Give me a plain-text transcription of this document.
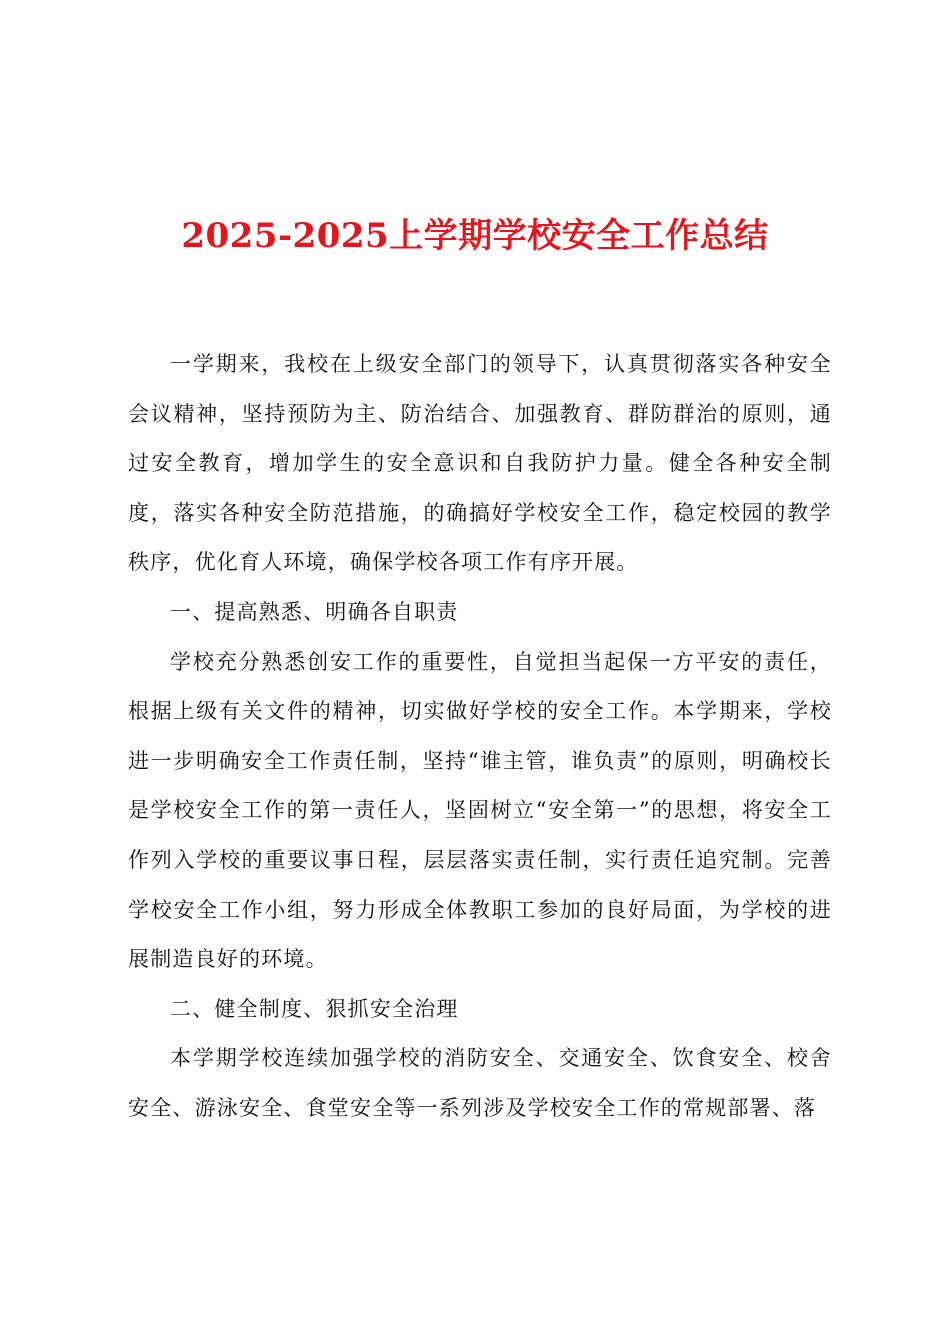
2025-2025上学期学校安全工作总结

一学期来，我校在上级安全部门的领导下，认真贯彻落实各种安全会议精神，坚持预防为主、防治结合、加强教育、群防群治的原则，通过安全教育，增加学生的安全意识和自我防护力量。健全各种安全制度，落实各种安全防范措施，的确搞好学校安全工作，稳定校园的教学秩序，优化育人环境，确保学校各项工作有序开展。

一、提高熟悉、明确各自职责

学校充分熟悉创安工作的重要性，自觉担当起保一方平安的责任，根据上级有关文件的精神，切实做好学校的安全工作。本学期来，学校进一步明确安全工作责任制，坚持“谁主管，谁负责”的原则，明确校长是学校安全工作的第一责任人，坚固树立“安全第一”的思想，将安全工作列入学校的重要议事日程，层层落实责任制，实行责任追究制。完善学校安全工作小组，努力形成全体教职工参加的良好局面，为学校的进展制造良好的环境。

二、健全制度、狠抓安全治理

本学期学校连续加强学校的消防安全、交通安全、饮食安全、校舍安全、游泳安全、食堂安全等一系列涉及学校安全工作的常规部署、落
